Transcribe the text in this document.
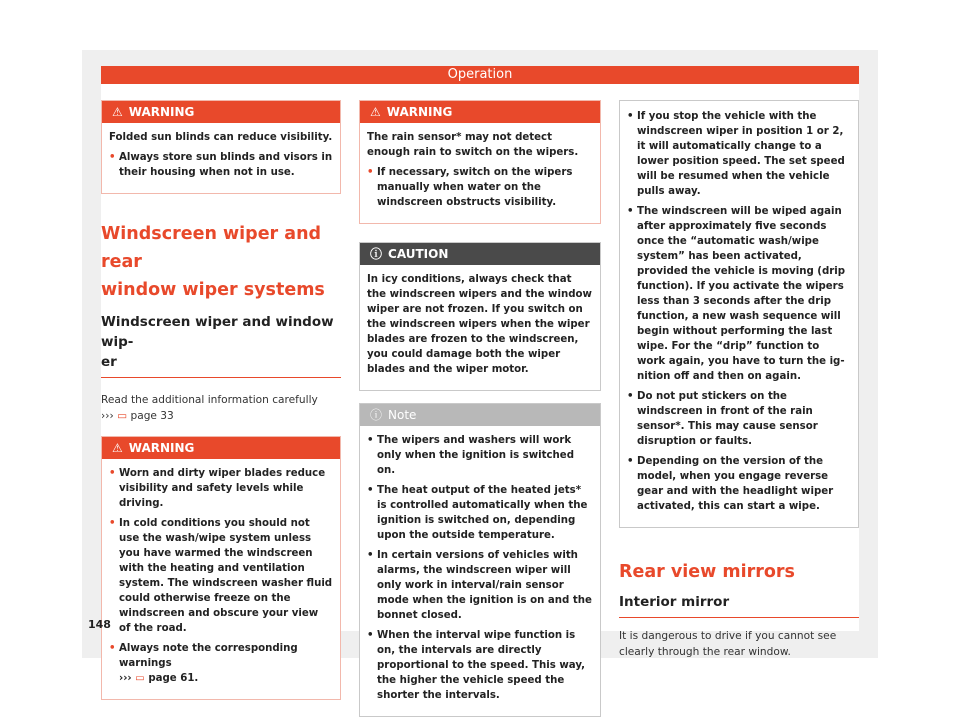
Operation
⚠ WARNING

Folded sun blinds can reduce visibility.

• Always store sun blinds and visors in their housing when not in use.
Windscreen wiper and rear
window wiper systems
Windscreen wiper and window wip-
er
Read the additional information carefully
››› ▭ page 33
⚠ WARNING
• Worn and dirty wiper blades reduce visibility and safety levels while driving.
• In cold conditions you should not use the wash/wipe system unless you have warmed the windscreen with the heating and ventilation system. The windscreen washer fluid could otherwise freeze on the windscreen and obscure your view of the road.
• Always note the corresponding warnings
››› ▭ page 61.
⚠ WARNING

The rain sensor* may not detect enough rain to switch on the wipers.

• If necessary, switch on the wipers manually when water on the windscreen obstructs visibility.
ⓘ CAUTION

In icy conditions, always check that the windscreen wipers and the window wiper are not frozen. If you switch on the windscreen wipers when the wiper blades are frozen to the windscreen, you could damage both the wiper blades and the wiper motor.

ⓘ Note
• The wipers and washers will work only when the ignition is switched on.
• The heat output of the heated jets* is controlled automatically when the ignition is switched on, depending upon the outside temperature.
• In certain versions of vehicles with alarms, the windscreen wiper will only work in interval/rain sensor mode when the ignition is on and the bonnet closed.
• When the interval wipe function is on, the intervals are directly proportional to the speed. This way, the higher the vehicle speed the shorter the intervals.
• If you stop the vehicle with the windscreen wiper in position 1 or 2, it will automatically change to a lower position speed. The set speed will be resumed when the vehicle pulls away.
• The windscreen will be wiped again after approximately five seconds once the “automatic wash/wipe system” has been activated, provided the vehicle is moving (drip function). If you activate the wipers less than 3 seconds after the drip function, a new wash sequence will begin without performing the last wipe. For the “drip” function to work again, you have to turn the ignition off and then on again.
• Do not put stickers on the windscreen in front of the rain sensor*. This may cause sensor disruption or faults.
• Depending on the version of the model, when you engage reverse gear and with the headlight wiper activated, this can start a wipe.
Rear view mirrors
Interior mirror
It is dangerous to drive if you cannot see clearly through the rear window.
148
